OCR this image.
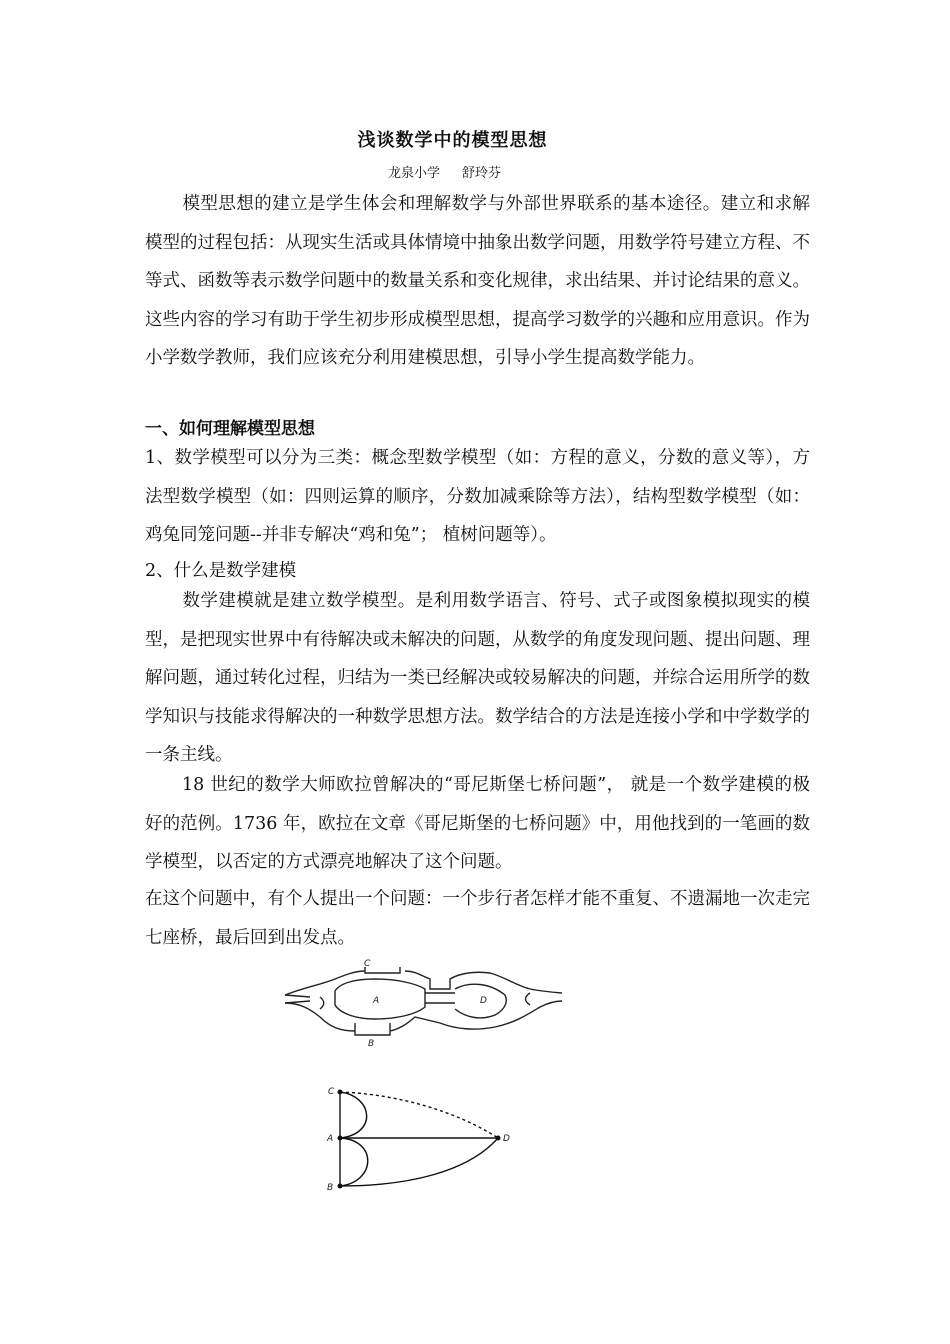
浅谈数学中的模型思想
龙泉小学 舒玲芬
模型思想的建立是学生体会和理解数学与外部世界联系的基本途径。建立和求解模型的过程包括：从现实生活或具体情境中抽象出数学问题，用数学符号建立方程、不等式、函数等表示数学问题中的数量关系和变化规律，求出结果、并讨论结果的意义。这些内容的学习有助于学生初步形成模型思想，提高学习数学的兴趣和应用意识。作为小学数学教师，我们应该充分利用建模思想，引导小学生提高数学能力。
一、如何理解模型思想
1、数学模型可以分为三类：概念型数学模型（如：方程的意义，分数的意义等），方法型数学模型（如：四则运算的顺序，分数加减乘除等方法），结构型数学模型（如：鸡兔同笼问题--并非专解决“鸡和兔”； 植树问题等）。
2、什么是数学建模
数学建模就是建立数学模型。是利用数学语言、符号、式子或图象模拟现实的模型，是把现实世界中有待解决或未解决的问题，从数学的角度发现问题、提出问题、理解问题，通过转化过程，归结为一类已经解决或较易解决的问题，并综合运用所学的数学知识与技能求得解决的一种数学思想方法。数学结合的方法是连接小学和中学数学的一条主线。
18 世纪的数学大师欧拉曾解决的“哥尼斯堡七桥问题”， 就是一个数学建模的极好的范例。1736 年，欧拉在文章《哥尼斯堡的七桥问题》中，用他找到的一笔画的数学模型，以否定的方式漂亮地解决了这个问题。
在这个问题中，有个人提出一个问题：一个步行者怎样才能不重复、不遗漏地一次走完七座桥，最后回到出发点。
C
A	D
B
C
A	D
B
